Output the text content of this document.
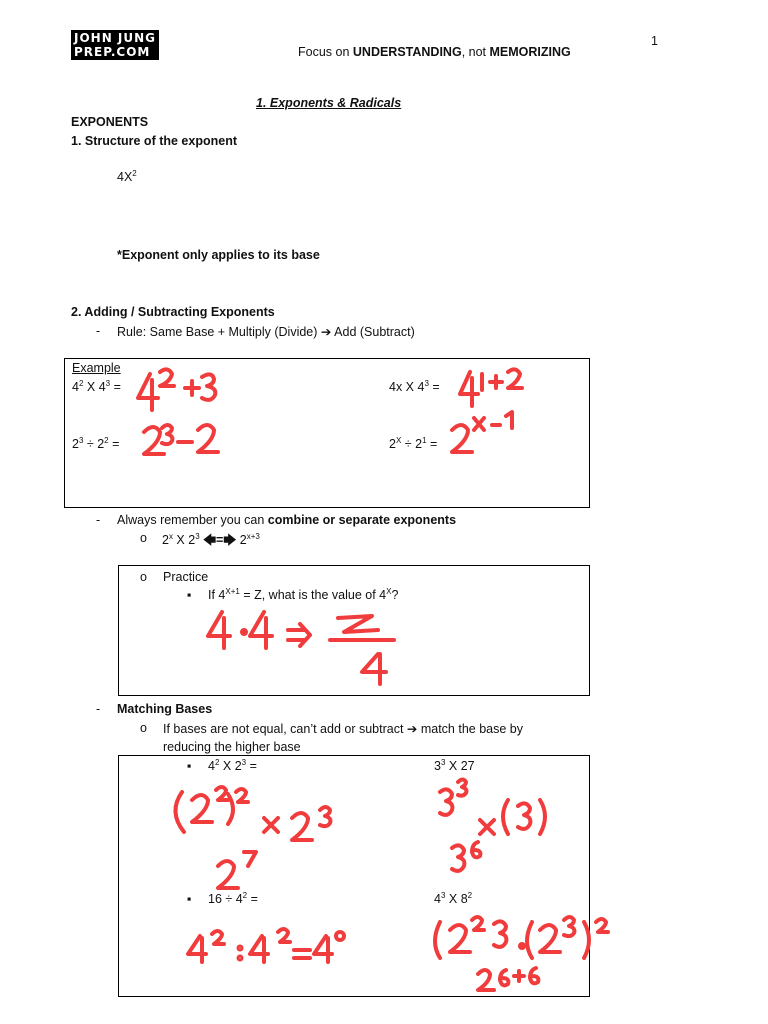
JOHN JUNG
PREP.COM	Focus on UNDERSTANDING, not MEMORIZING
1
1. Exponents & Radicals
EXPONENTS
1. Structure of the exponent
$4X^2$
*Exponent only applies to its base
2. Adding / Subtracting Exponents
- Rule: Same Base + Multiply (Divide) ➔ Add (Subtract)
Example
$4^2$ X $4^3$ =	4x X $4^3$ =
$2^3 \div 2^2$ =	$2^X \div 2^1$ =
- Always remember you can combine or separate exponents
o 2$^x$ X $2^3$ 🡄=🡆 $2^{x+3}$
o Practice
▪ If $4^{X+1} = Z$, what is the value of $4^X$?
- Matching Bases
o If bases are not equal, can’t add or subtract ➔ match the base by
reducing the higher base
▪ $4^2$ X $2^3$ =	$3^3$ X 27
▪ $16 \div 4^2$ =	$4^3$ X $8^2$
